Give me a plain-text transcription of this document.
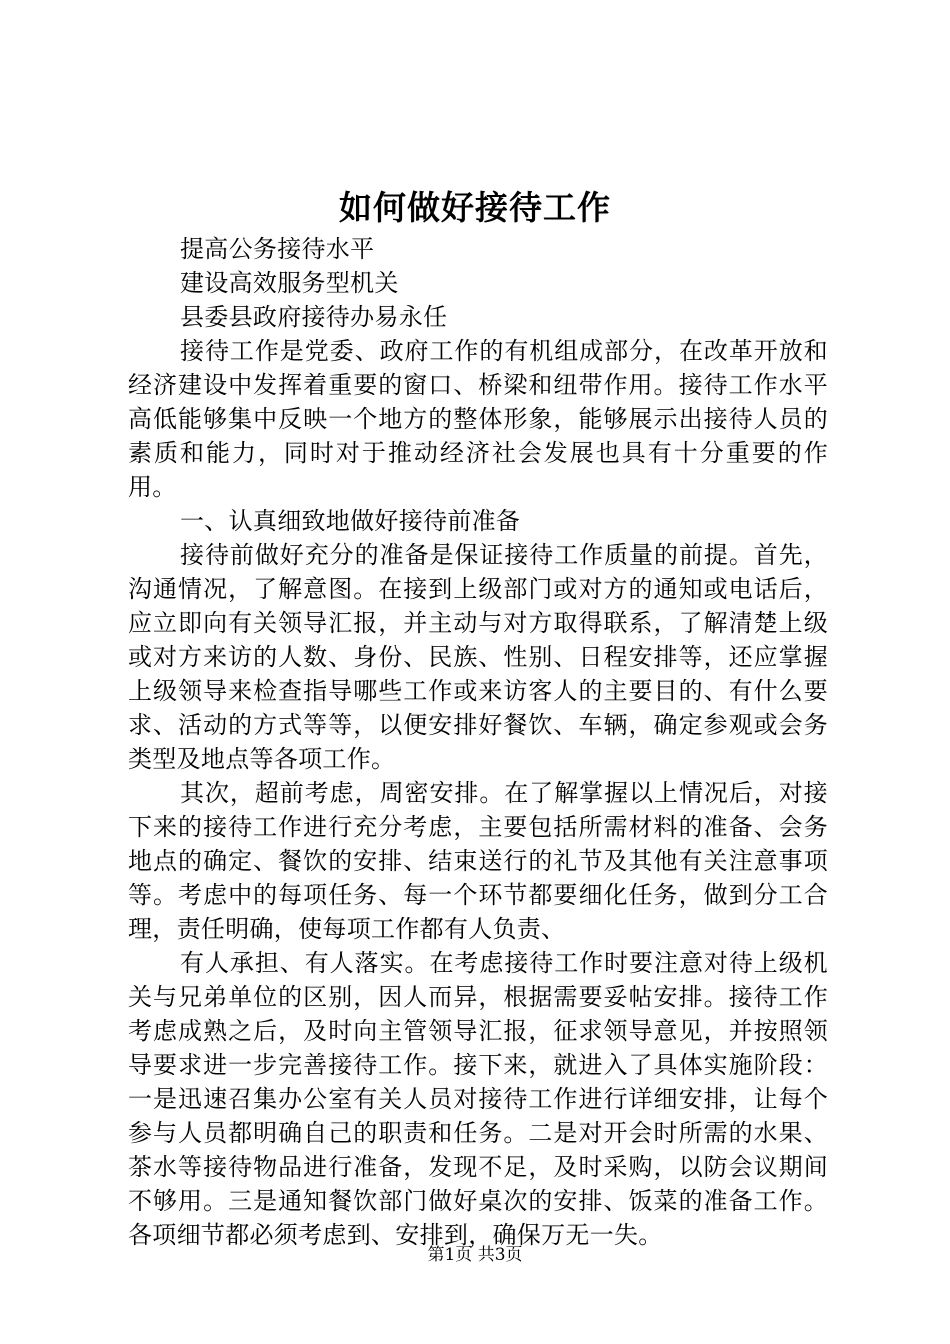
如何做好接待工作

提高公务接待水平

建设高效服务型机关

县委县政府接待办易永任

接待工作是党委、政府工作的有机组成部分，在改革开放和经济建设中发挥着重要的窗口、桥梁和纽带作用。接待工作水平高低能够集中反映一个地方的整体形象，能够展示出接待人员的素质和能力，同时对于推动经济社会发展也具有十分重要的作用。

一、认真细致地做好接待前准备

接待前做好充分的准备是保证接待工作质量的前提。首先，沟通情况，了解意图。在接到上级部门或对方的通知或电话后，应立即向有关领导汇报，并主动与对方取得联系，了解清楚上级或对方来访的人数、身份、民族、性别、日程安排等，还应掌握上级领导来检查指导哪些工作或来访客人的主要目的、有什么要求、活动的方式等等，以便安排好餐饮、车辆，确定参观或会务类型及地点等各项工作。

其次，超前考虑，周密安排。在了解掌握以上情况后，对接下来的接待工作进行充分考虑，主要包括所需材料的准备、会务地点的确定、餐饮的安排、结束送行的礼节及其他有关注意事项等。考虑中的每项任务、每一个环节都要细化任务，做到分工合理，责任明确，使每项工作都有人负责、

有人承担、有人落实。在考虑接待工作时要注意对待上级机关与兄弟单位的区别，因人而异，根据需要妥帖安排。接待工作考虑成熟之后，及时向主管领导汇报，征求领导意见，并按照领导要求进一步完善接待工作。接下来，就进入了具体实施阶段：一是迅速召集办公室有关人员对接待工作进行详细安排，让每个参与人员都明确自己的职责和任务。二是对开会时所需的水果、茶水等接待物品进行准备，发现不足，及时采购，以防会议期间不够用。三是通知餐饮部门做好桌次的安排、饭菜的准备工作。各项细节都必须考虑到、安排到，确保万无一失。

第1页 共3页
